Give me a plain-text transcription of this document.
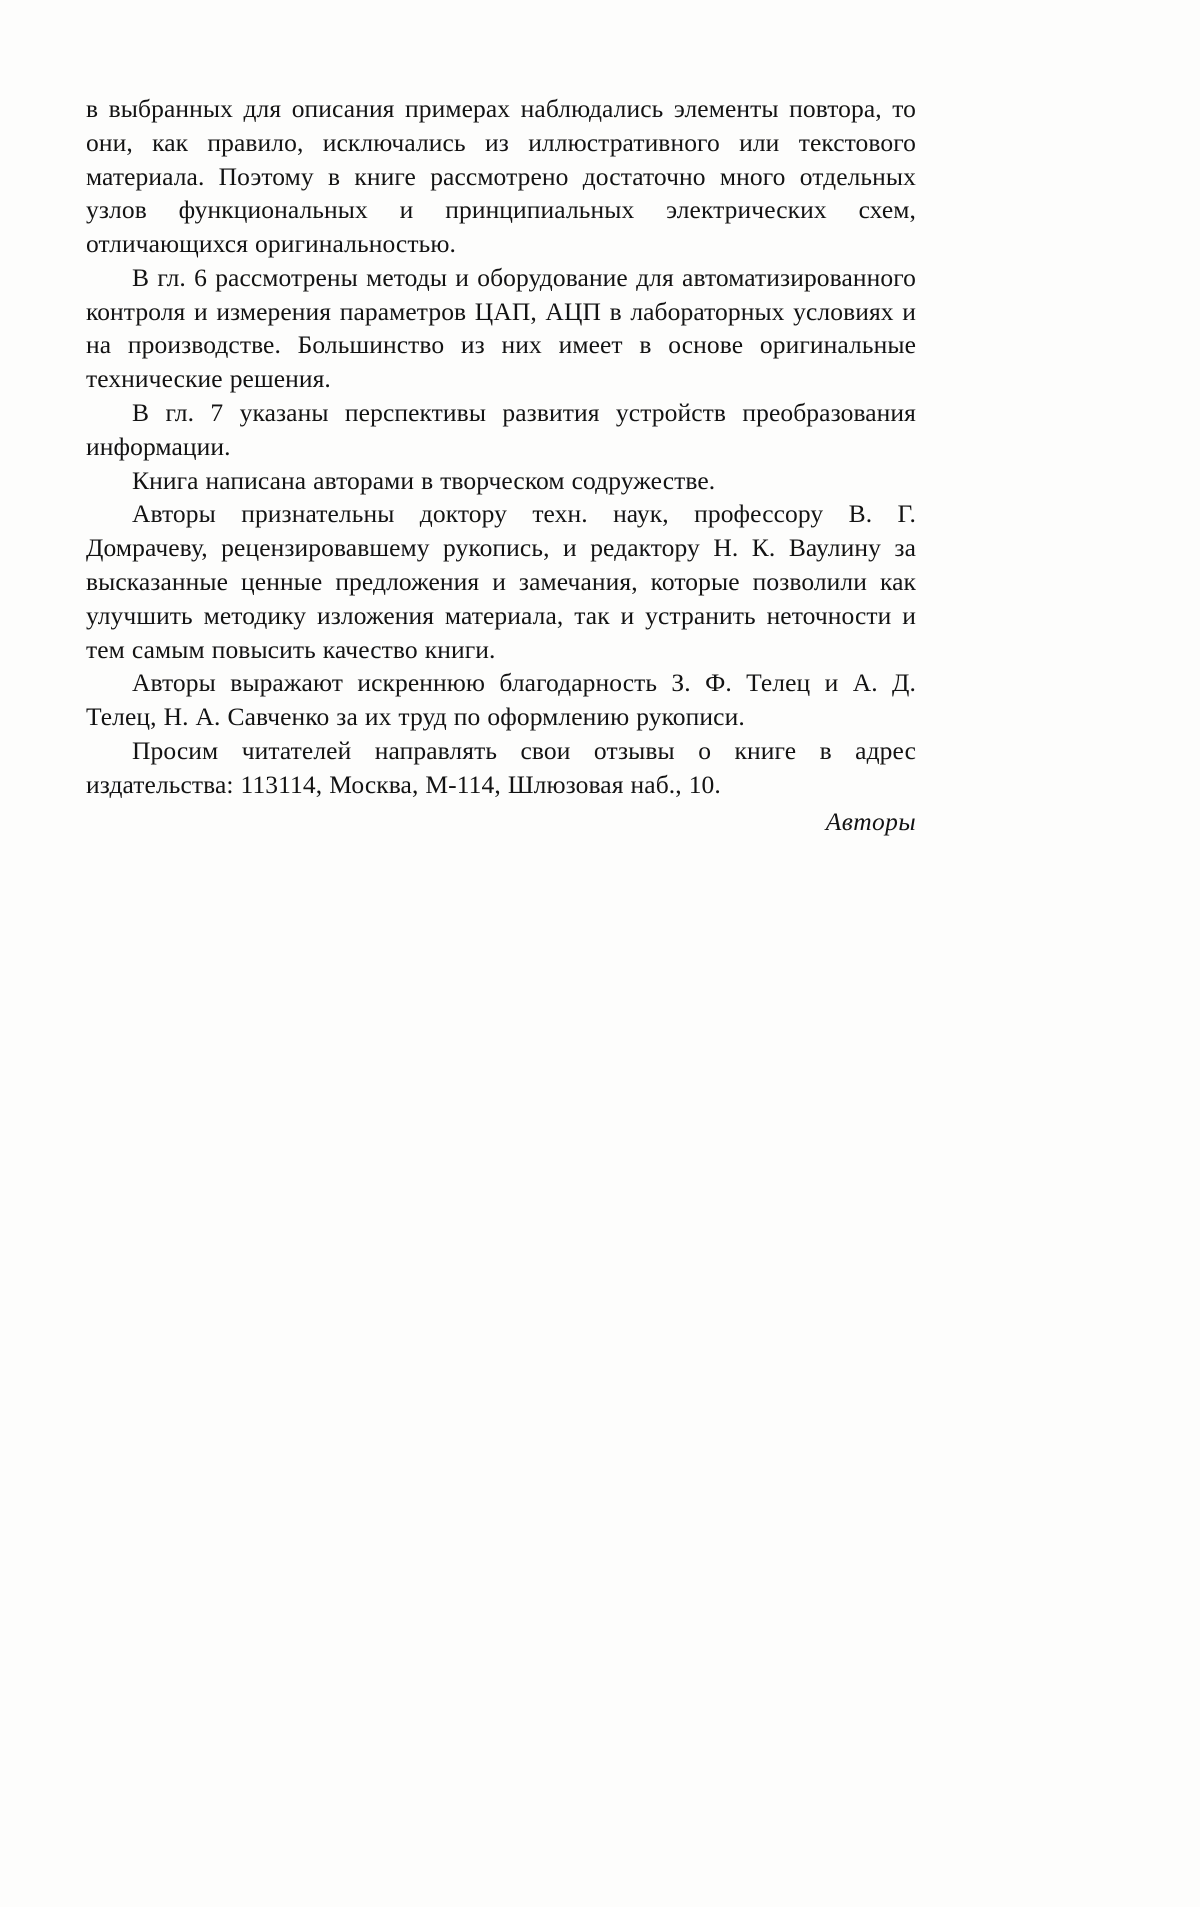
в выбранных для описания примерах наблюдались элементы повтора, то они, как правило, исключались из иллюстративного или текстового материала. Поэтому в книге рассмотрено достаточно много отдельных узлов функциональных и принципиальных электрических схем, отличающихся оригинальностью.

В гл. 6 рассмотрены методы и оборудование для автоматизированного контроля и измерения параметров ЦАП, АЦП в лабораторных условиях и на производстве. Большинство из них имеет в основе оригинальные технические решения.

В гл. 7 указаны перспективы развития устройств преобразования информации.

Книга написана авторами в творческом содружестве.

Авторы признательны доктору техн. наук, профессору В. Г. Домрачеву, рецензировавшему рукопись, и редактору Н. К. Ваулину за высказанные ценные предложения и замечания, которые позволили как улучшить методику изложения материала, так и устранить неточности и тем самым повысить качество книги.

Авторы выражают искреннюю благодарность З. Ф. Телец и А. Д. Телец, Н. А. Савченко за их труд по оформлению рукописи.

Просим читателей направлять свои отзывы о книге в адрес издательства: 113114, Москва, М-114, Шлюзовая наб., 10.

Авторы
